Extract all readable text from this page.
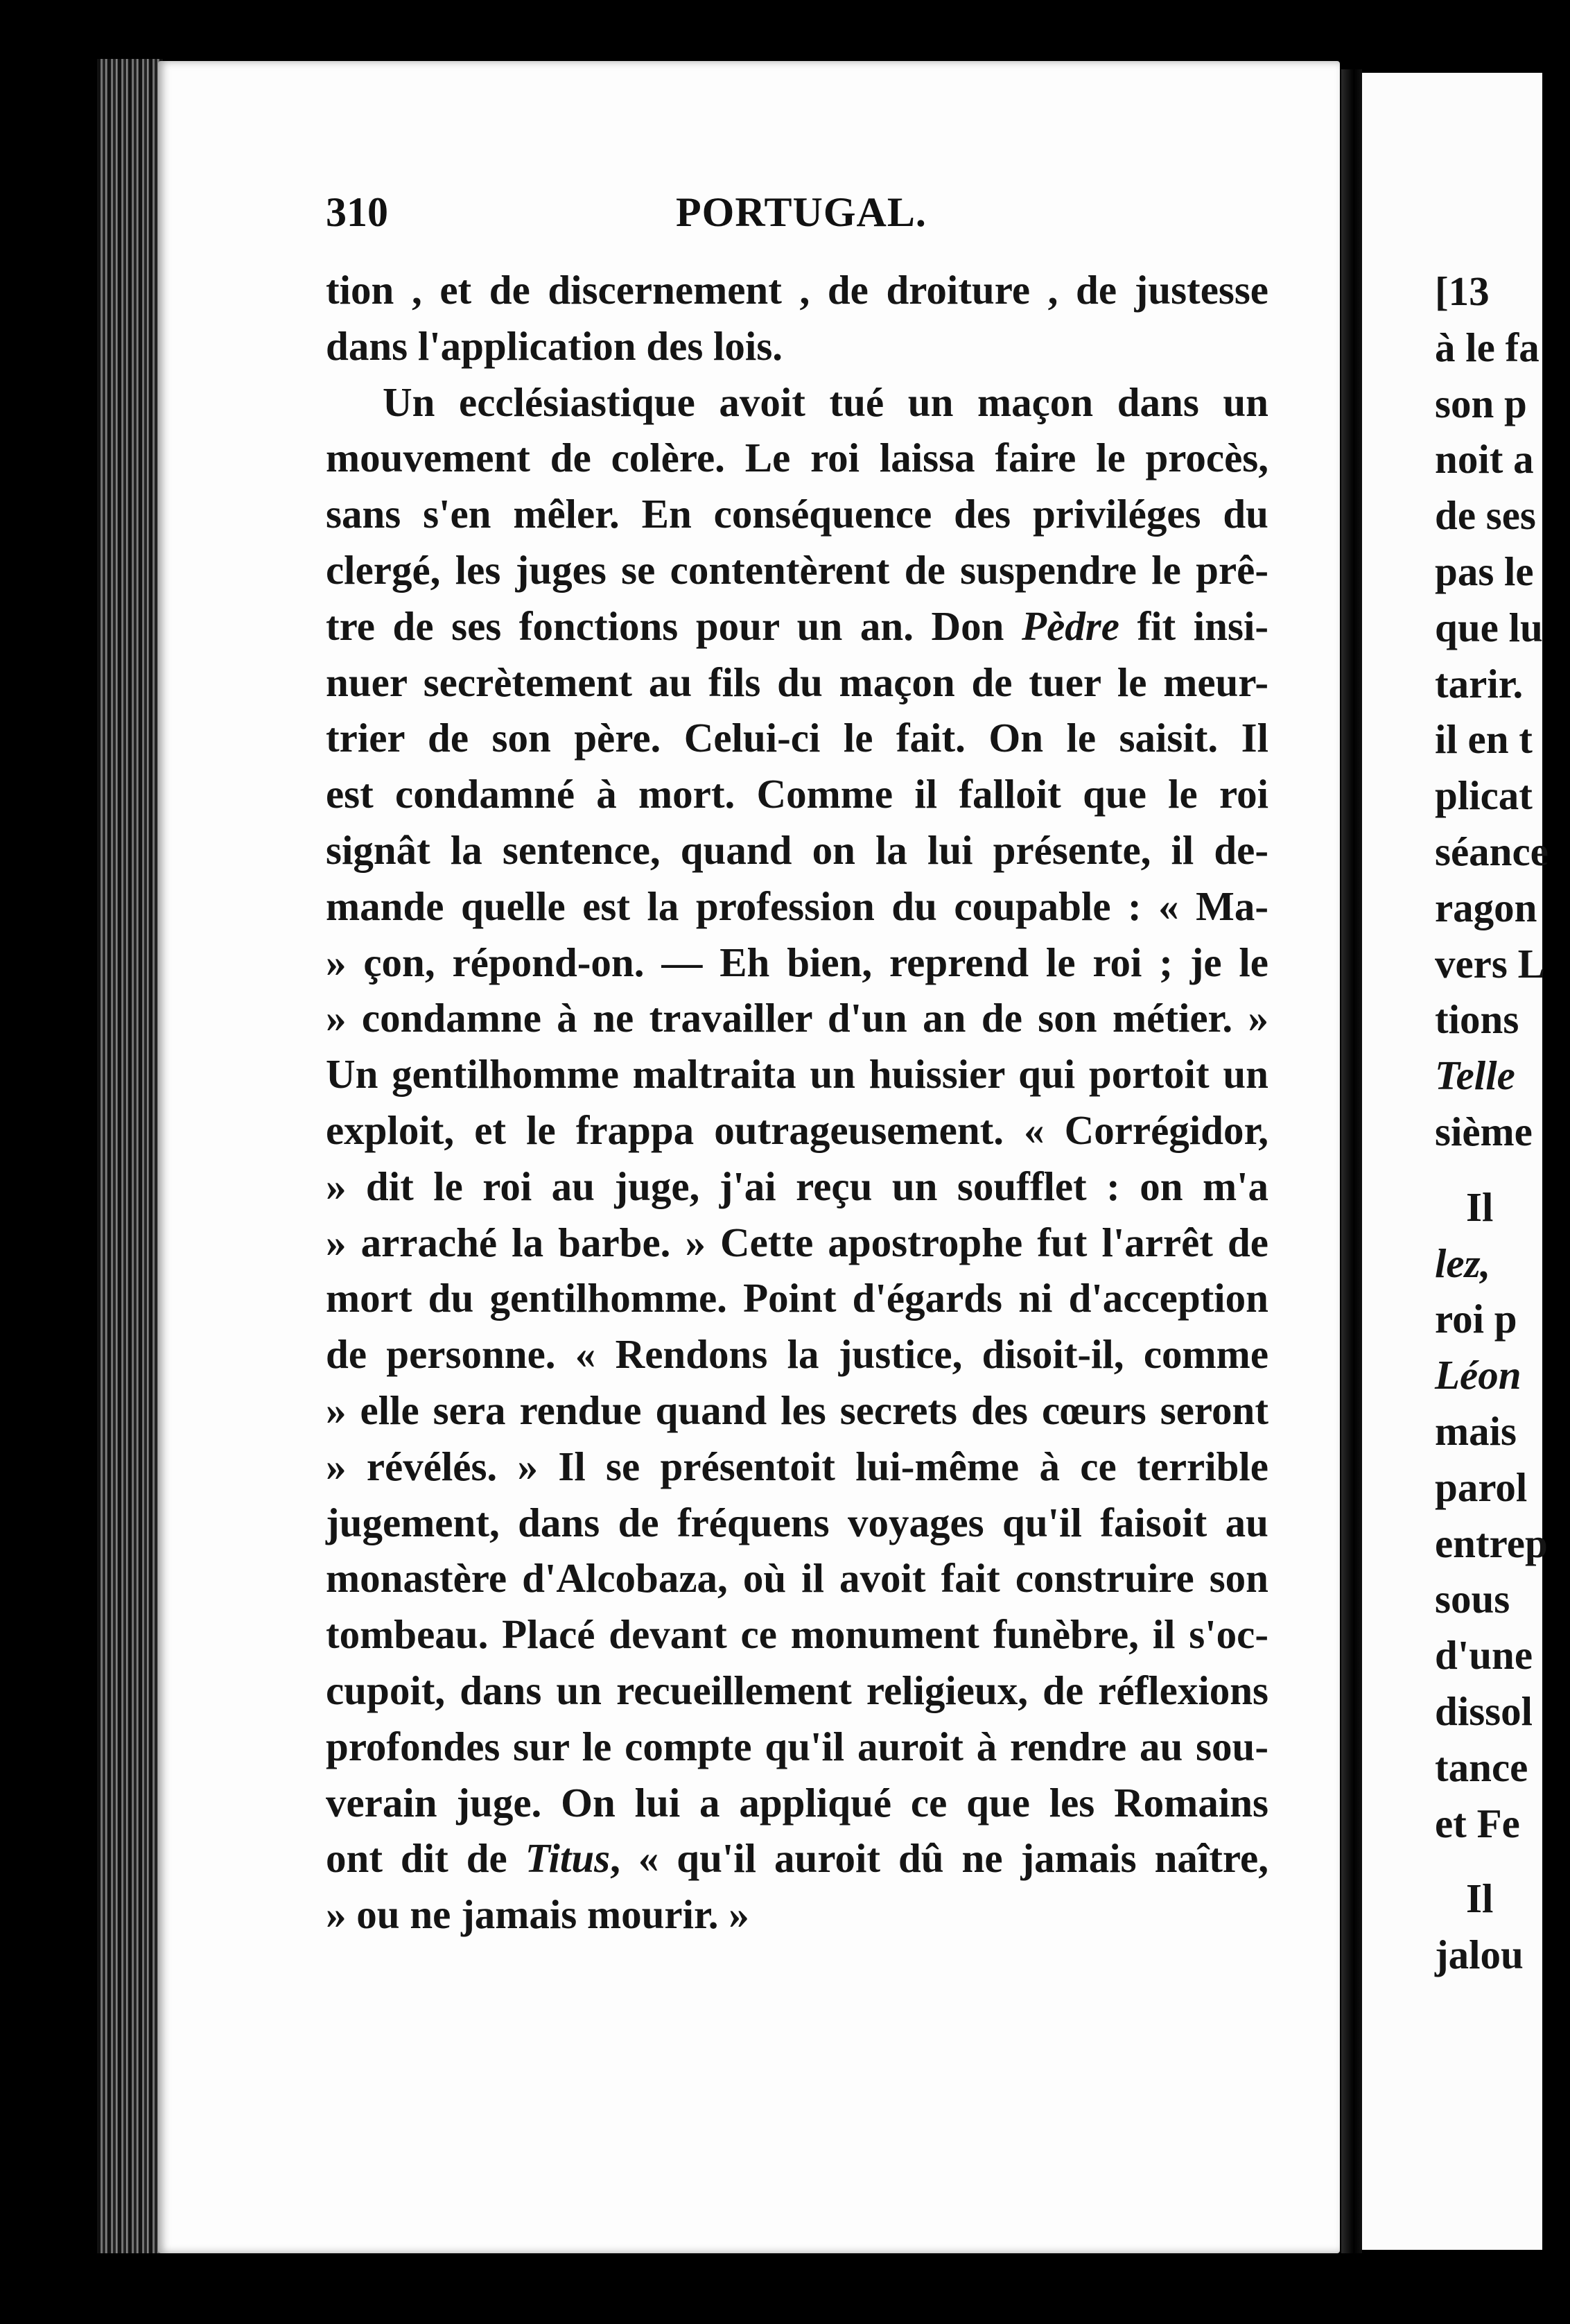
[13
à le fa
son p
noit a
de ses
pas le
que lu
tarir.
il en t
plicat
séance
ragon
vers L
tions
Telle
sième
Il
lez,
roi p
Léon
mais
parol
entrep
sous
d'une
dissol
tance
et Fe
Il
jalou
310	PORTUGAL.
tion , et de discernement , de droiture , de justesse
dans l'application des lois.
Un ecclésiastique avoit tué un maçon dans un
mouvement de colère. Le roi laissa faire le procès,
sans s'en mêler. En conséquence des priviléges du
clergé, les juges se contentèrent de suspendre le prê-
tre de ses fonctions pour un an. Don Pèdre fit insi-
nuer secrètement au fils du maçon de tuer le meur-
trier de son père. Celui-ci le fait. On le saisit. Il
est condamné à mort. Comme il falloit que le roi
signât la sentence, quand on la lui présente, il de-
mande quelle est la profession du coupable : « Ma-
» çon, répond-on. — Eh bien, reprend le roi ; je le
» condamne à ne travailler d'un an de son métier. »
Un gentilhomme maltraita un huissier qui portoit un
exploit, et le frappa outrageusement. « Corrégidor,
» dit le roi au juge, j'ai reçu un soufflet : on m'a
» arraché la barbe. » Cette apostrophe fut l'arrêt de
mort du gentilhomme. Point d'égards ni d'acception
de personne. « Rendons la justice, disoit-il, comme
» elle sera rendue quand les secrets des cœurs seront
» révélés. » Il se présentoit lui-même à ce terrible
jugement, dans de fréquens voyages qu'il faisoit au
monastère d'Alcobaza, où il avoit fait construire son
tombeau. Placé devant ce monument funèbre, il s'oc-
cupoit, dans un recueillement religieux, de réflexions
profondes sur le compte qu'il auroit à rendre au sou-
verain juge. On lui a appliqué ce que les Romains
ont dit de Titus, « qu'il auroit dû ne jamais naître,
» ou ne jamais mourir. »
